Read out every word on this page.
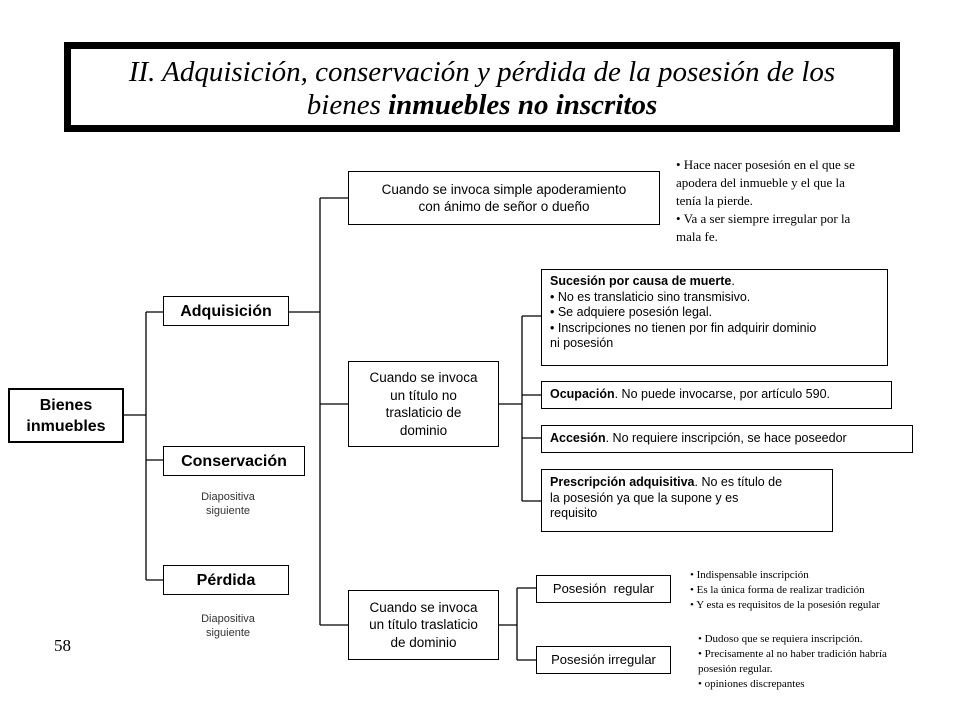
II. Adquisición, conservación y pérdida de la posesión de los
bienes inmuebles no inscritos
Bienes
inmuebles
Adquisición
Conservación
Pérdida
Diapositiva
siguiente
Diapositiva
siguiente
Cuando se invoca simple apoderamiento
con ánimo de señor o dueño
Cuando se invoca
un título no
traslaticio de
dominio
Cuando se invoca
un título traslaticio
de dominio
• Hace nacer posesión en el que se
apodera del inmueble y el que la
tenía la pierde.
• Va a ser siempre irregular por la
mala fe.
Sucesión por causa de muerte.
• No es translaticio sino transmisivo.
• Se adquiere posesión legal.
• Inscripciones no tienen por fin adquirir dominio
ni posesión
Ocupación. No puede invocarse, por artículo 590.
Accesión. No requiere inscripción, se hace poseedor
Prescripción adquisitiva. No es título de
la posesión ya que la supone y es
requisito
Posesión  regular
Posesión irregular
• Indispensable inscripción
• Es la única forma de realizar tradición
• Y esta es requisitos de la posesión regular
• Dudoso que se requiera inscripción.
• Precisamente al no haber tradición habría
posesión regular.
• opiniones discrepantes
58
